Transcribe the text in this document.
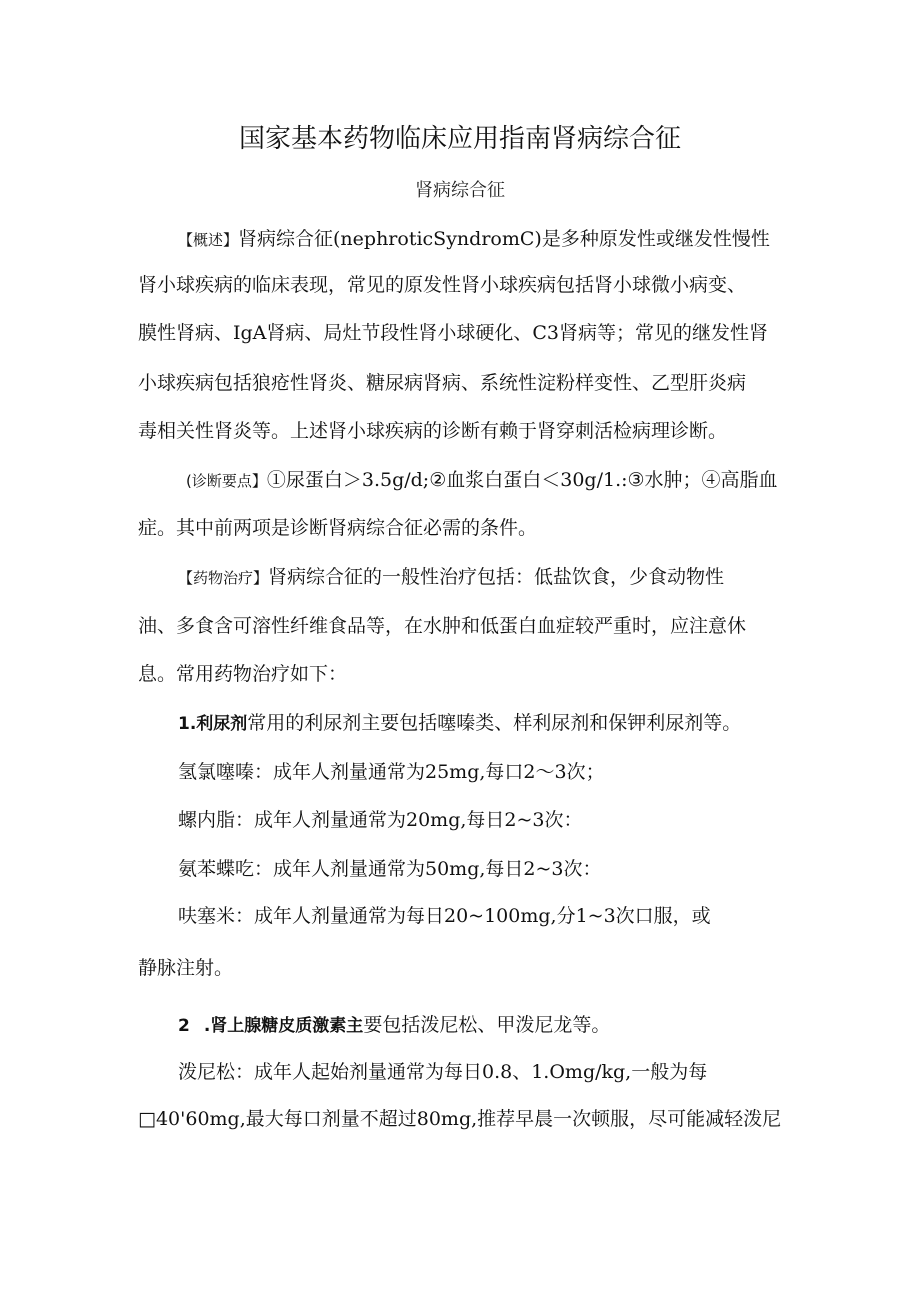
国家基本药物临床应用指南肾病综合征
肾病综合征
【概述】肾病综合征(nephroticSyndromC)是多种原发性或继发性慢性
肾小球疾病的临床表现，常见的原发性肾小球疾病包括肾小球微小病变、
膜性肾病、IgA肾病、局灶节段性肾小球硬化、C3肾病等；常见的继发性肾
小球疾病包括狼疮性肾炎、糖尿病肾病、系统性淀粉样变性、乙型肝炎病
毒相关性肾炎等。上述肾小球疾病的诊断有赖于肾穿刺活检病理诊断。
(诊断要点】①尿蛋白＞3.5g/d;②血浆白蛋白＜30g/1.:③水肿；④高脂血
症。其中前两项是诊断肾病综合征必需的条件。
【药物治疗】肾病综合征的一般性治疗包括：低盐饮食，少食动物性
油、多食含可溶性纤维食品等，在水肿和低蛋白血症较严重时，应注意休
息。常用药物治疗如下：
1.利尿剂常用的利尿剂主要包括噻嗪类、样利尿剂和保钾利尿剂等。
氢氯噻嗪：成年人剂量通常为25mg,每口2〜3次；
螺内脂：成年人剂量通常为20mg,每日2~3次：
氨苯蝶吃：成年人剂量通常为50mg,每日2~3次：
呋塞米：成年人剂量通常为每日20~100mg,分1~3次口服，或
静脉注射。
2 .肾上腺糖皮质激素主要包括泼尼松、甲泼尼龙等。
泼尼松：成年人起始剂量通常为每日0.8、1.Omg/kg,一般为每
□40'60mg,最大每口剂量不超过80mg,推荐早晨一次顿服，尽可能减轻泼尼
